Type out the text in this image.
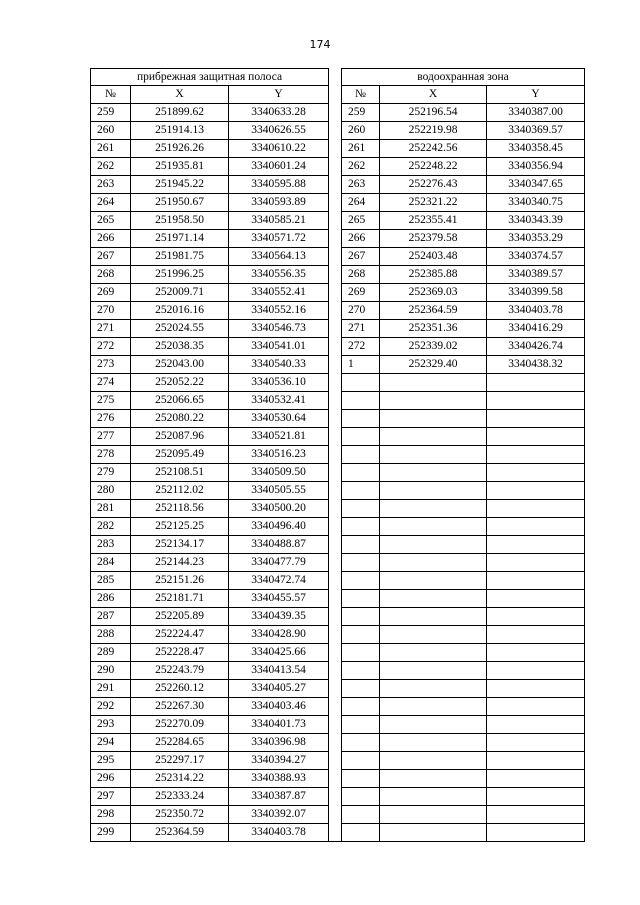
174
прибрежная защитная полоса				водоохранная зона		
№	X	Y		№	X	Y
259	251899.62	3340633.28		259	252196.54	3340387.00
260	251914.13	3340626.55		260	252219.98	3340369.57
261	251926.26	3340610.22		261	252242.56	3340358.45
262	251935.81	3340601.24		262	252248.22	3340356.94
263	251945.22	3340595.88		263	252276.43	3340347.65
264	251950.67	3340593.89		264	252321.22	3340340.75
265	251958.50	3340585.21		265	252355.41	3340343.39
266	251971.14	3340571.72		266	252379.58	3340353.29
267	251981.75	3340564.13		267	252403.48	3340374.57
268	251996.25	3340556.35		268	252385.88	3340389.57
269	252009.71	3340552.41		269	252369.03	3340399.58
270	252016.16	3340552.16		270	252364.59	3340403.78
271	252024.55	3340546.73		271	252351.36	3340416.29
272	252038.35	3340541.01		272	252339.02	3340426.74
273	252043.00	3340540.33		1	252329.40	3340438.32
274	252052.22	3340536.10				
275	252066.65	3340532.41				
276	252080.22	3340530.64				
277	252087.96	3340521.81				
278	252095.49	3340516.23				
279	252108.51	3340509.50				
280	252112.02	3340505.55				
281	252118.56	3340500.20				
282	252125.25	3340496.40				
283	252134.17	3340488.87				
284	252144.23	3340477.79				
285	252151.26	3340472.74				
286	252181.71	3340455.57				
287	252205.89	3340439.35				
288	252224.47	3340428.90				
289	252228.47	3340425.66				
290	252243.79	3340413.54				
291	252260.12	3340405.27				
292	252267.30	3340403.46				
293	252270.09	3340401.73				
294	252284.65	3340396.98				
295	252297.17	3340394.27				
296	252314.22	3340388.93				
297	252333.24	3340387.87				
298	252350.72	3340392.07				
299	252364.59	3340403.78				
